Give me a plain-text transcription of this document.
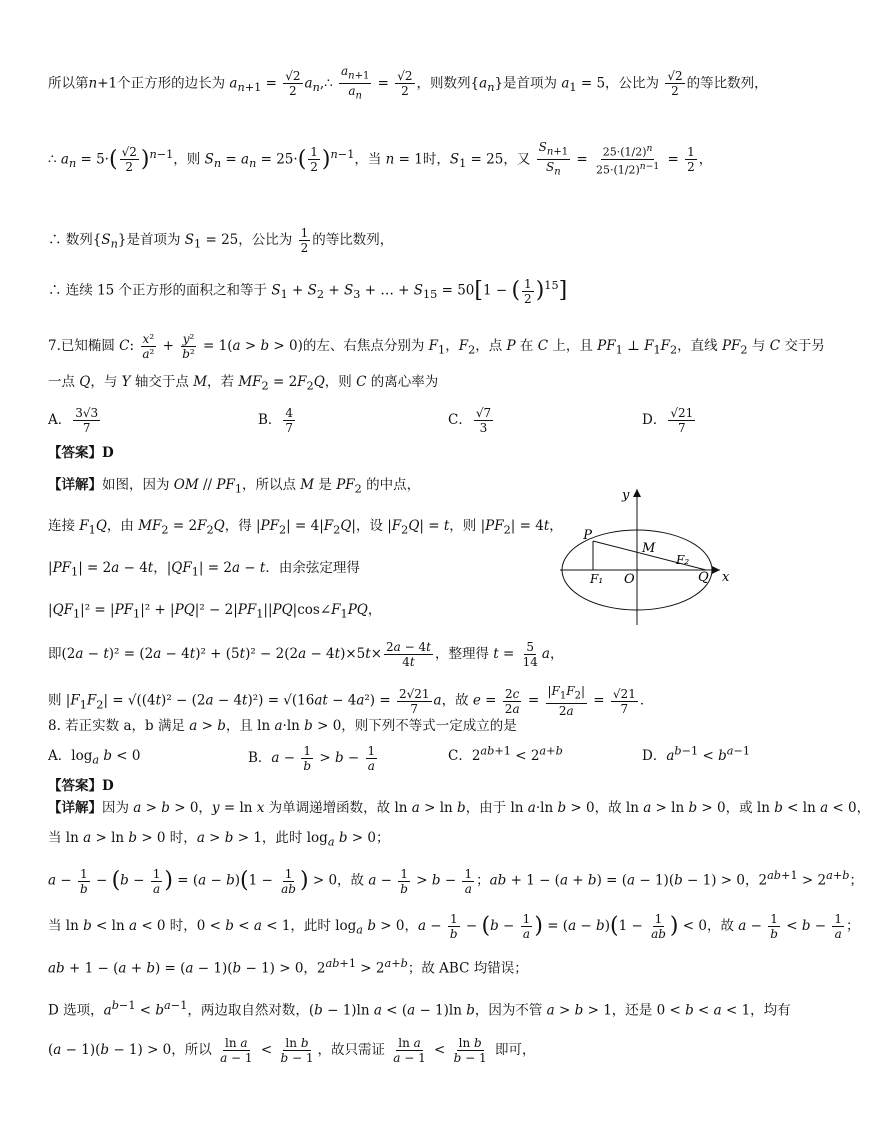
所以第n+1个正方形的边长为 $a_{n+1} = \frac{√2}{2}$ $a_n,\therefore \frac{a_{n+1}}{a_n} = \frac{√2}{2}$ ，则数列$\{a_n\}$是首项为 $a_1 = 5$，公比为 $\frac{√2}{2}$ 的等比数列，
∴ $a_n = 5\cdot( \frac{√2}{2} )^{n-1}$，则 $S_n = a_n = 25\cdot( \frac{1}{2} )^{n-1}$，当 n = 1时，$S_1 = 25$，又 $\frac{S_{n+1}}{S_n} = \frac{25\cdot(1/2)^n}{25\cdot(1/2)^{n-1}} = \frac{1}{2}$ ，
∴ 数列$\{S_n\}$是首项为 $S_1 = 25$，公比为 $\frac{1}{2}$ 的等比数列，
∴ 连续 15 个正方形的面积之和等于 $S_1 + S_2 + S_3$ + … + $S_{15} = 50[1$ − ( $\frac{1}{2} )^{15}$]
7.已知椭圆 C: $\frac{\text{x²}}{\text{a²}} + \frac{\text{y²}}{\text{b²}} = 1(a > b > 0)$的左、右焦点分别为 $F_1$，$F_2$，点 P 在 C 上，且 $PF_1$ ⊥ $F_1F_2$，直线 $PF_2$ 与 C 交于另
一点 Q，与 Y 轴交于点 M，若 $MF_2 = 2F_2Q$，则 C 的离心率为
A． $\frac{3√3}{7}$	B． $\frac{4}{7}$	C． $\frac{√7}{3}$	D． $\frac{√21}{7}$
【答案】D
【详解】如图，因为 OM // $PF_1$，所以点 M 是 $PF_2$ 的中点，
连接 $F_1Q$，由 $MF_2 = 2F_2Q$，得 $|PF_2| = 4|F_2Q|$，设 $|F_2Q| = t$，则 $|PF_2| = 4t$，
$|PF_1| = 2a - 4t$，$|QF_1| = 2a - t$．由余弦定理得
$|QF_1|^2 = |PF_1|^2 + |PQ|^2$ − $2|PF_1||PQ|\cos\angle F_1PQ$，
即$(2a - t)^2 = (2a - 4t)^2 + (5t)^2 - 2(2a - 4t)\times 5t\times \frac{2a - 4t}{4t}$ ，整理得 $t = \frac{5}{14}$ a，
则 $|F_1F_2| = √((4t)^2 - (2a - 4t)^2) = √(16at - 4a^2) = \frac{2√21}{7}$ a，故 $e = \frac{2c}{2a} = \frac{|F_1F_2|}{2a} = \frac{√21}{7}$ ．
P
M
F₂
F₁ O	Q
y
x
8. 若正实数 a，b 满足 a > b，且 ln a·ln b > 0，则下列不等式一定成立的是
A．$\log_a b < 0$	B．$a - \frac{1}{b} > b - \frac{1}{a}$	C．$2^{ab+1} < 2^{a+b}$	D．$a^{b-1} < b^{a-1}$
【答案】D
【详解】因为 a > b > 0，y = ln x 为单调递增函数，故 ln a > ln b，由于 ln a·ln b > 0，故 ln a > ln b > 0，或 ln b < ln a < 0，
当 ln a > ln b > 0 时，a > b > 1，此时 $\log_a b > 0$；
$a - \frac{1}{b} - (b - \frac{1}{a}$ ) = $(a - b)(1 - \frac{1}{ab}$ ) > 0，故 $a - \frac{1}{b} > b - \frac{1}{a}$ ；ab + 1 − (a + b) = (a − 1)(b − 1) > 0，$2^{ab+1} > 2^{a+b}$；
当 ln b < ln a < 0 时，0 < b < a < 1，此时 $\log_a b > 0$，$a - \frac{1}{b} - (b - \frac{1}{a}$ ) = $(a - b)(1 - \frac{1}{ab}$ ) < 0，故 $a - \frac{1}{b} < b - \frac{1}{a}$ ；
ab + 1 − (a + b) = (a − 1)(b − 1) > 0，$2^{ab+1} > 2^{a+b}$；故 ABC 均错误；
D 选项，$a^{b-1} < b^{a-1}$，两边取自然对数，(b − 1)ln a < (a − 1)ln b，因为不管 a > b > 1，还是 0 < b < a < 1，均有
(a − 1)(b − 1) > 0，所以 $\frac{\text{ln a}}{a - 1} < \frac{\text{ln b}}{b - 1}$ ，故只需证 $\frac{\text{ln a}}{a - 1} < \frac{\text{ln b}}{b - 1}$ 即可，
